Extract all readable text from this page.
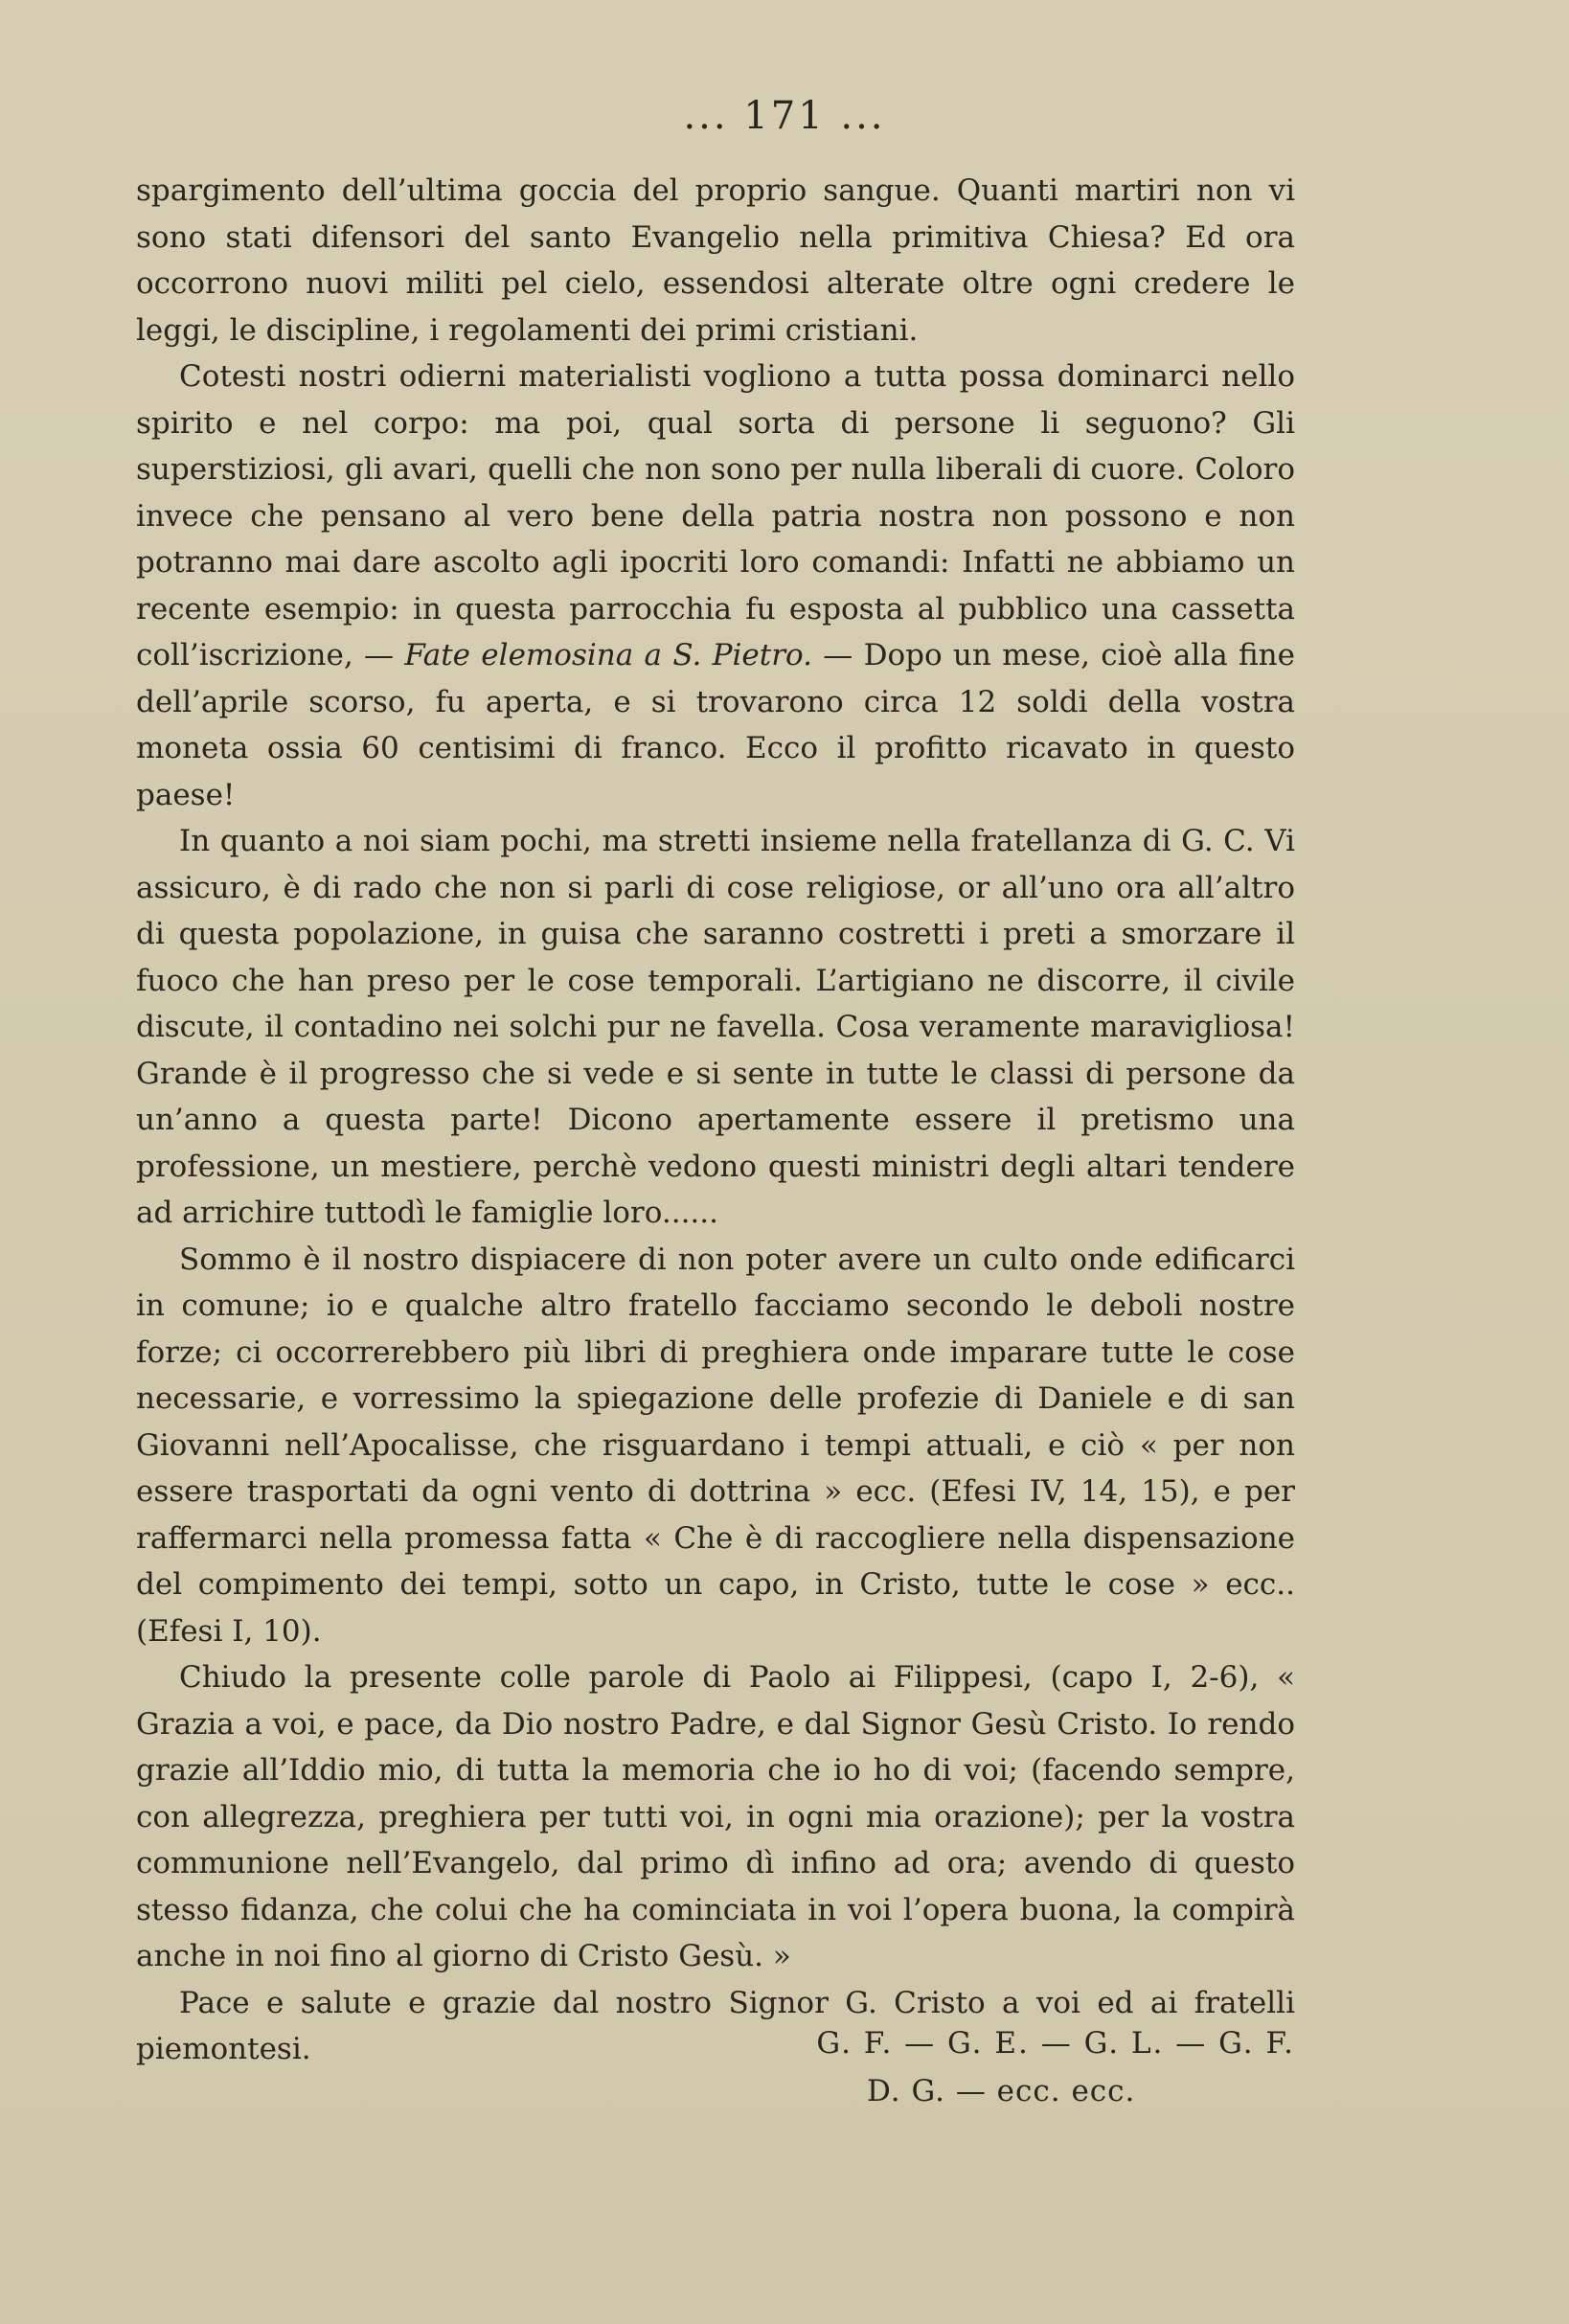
... 171 ...

spargimento dell’ultima goccia del proprio sangue. Quanti martiri non vi sono stati difensori del santo Evangelio nella primitiva Chiesa? Ed ora occorrono nuovi militi pel cielo, essendosi alterate oltre ogni credere le leggi, le discipline, i regolamenti dei primi cristiani.

Cotesti nostri odierni materialisti vogliono a tutta possa dominarci nello spirito e nel corpo: ma poi, qual sorta di persone li seguono? Gli superstiziosi, gli avari, quelli che non sono per nulla liberali di cuore. Coloro invece che pensano al vero bene della patria nostra non possono e non potranno mai dare ascolto agli ipocriti loro comandi: Infatti ne abbiamo un recente esempio: in questa parrocchia fu esposta al pubblico una cassetta coll’iscrizione, — Fate elemosina a S. Pietro. — Dopo un mese, cioè alla fine dell’aprile scorso, fu aperta, e si trovarono circa 12 soldi della vostra moneta ossia 60 centisimi di franco. Ecco il profitto ricavato in questo paese!

In quanto a noi siam pochi, ma stretti insieme nella fratellanza di G. C. Vi assicuro, è di rado che non si parli di cose religiose, or all’uno ora all’altro di questa popolazione, in guisa che saranno costretti i preti a smorzare il fuoco che han preso per le cose temporali. L’artigiano ne discorre, il civile discute, il contadino nei solchi pur ne favella. Cosa veramente maravigliosa! Grande è il progresso che si vede e si sente in tutte le classi di persone da un’anno a questa parte! Dicono apertamente essere il pretismo una professione, un mestiere, perchè vedono questi ministri degli altari tendere ad arrichire tuttodì le famiglie loro......

Sommo è il nostro dispiacere di non poter avere un culto onde edificarci in comune; io e qualche altro fratello facciamo secondo le deboli nostre forze; ci occorrerebbero più libri di preghiera onde imparare tutte le cose necessarie, e vorressimo la spiegazione delle profezie di Daniele e di san Giovanni nell’Apocalisse, che risguardano i tempi attuali, e ciò « per non essere trasportati da ogni vento di dottrina » ecc. (Efesi IV, 14, 15), e per raffermarci nella promessa fatta « Che è di raccogliere nella dispensazione del compimento dei tempi, sotto un capo, in Cristo, tutte le cose » ecc.. (Efesi I, 10).

Chiudo la presente colle parole di Paolo ai Filippesi, (capo I, 2-6), « Grazia a voi, e pace, da Dio nostro Padre, e dal Signor Gesù Cristo. Io rendo grazie all’Iddio mio, di tutta la memoria che io ho di voi; (facendo sempre, con allegrezza, preghiera per tutti voi, in ogni mia orazione); per la vostra communione nell’Evangelo, dal primo dì infino ad ora; avendo di questo stesso fidanza, che colui che ha cominciata in voi l’opera buona, la compirà anche in noi fino al giorno di Cristo Gesù. »

Pace e salute e grazie dal nostro Signor G. Cristo a voi ed ai fratelli piemontesi.	G. F. — G. E. — G. L. — G. F.
D. G. — ecc. ecc.
